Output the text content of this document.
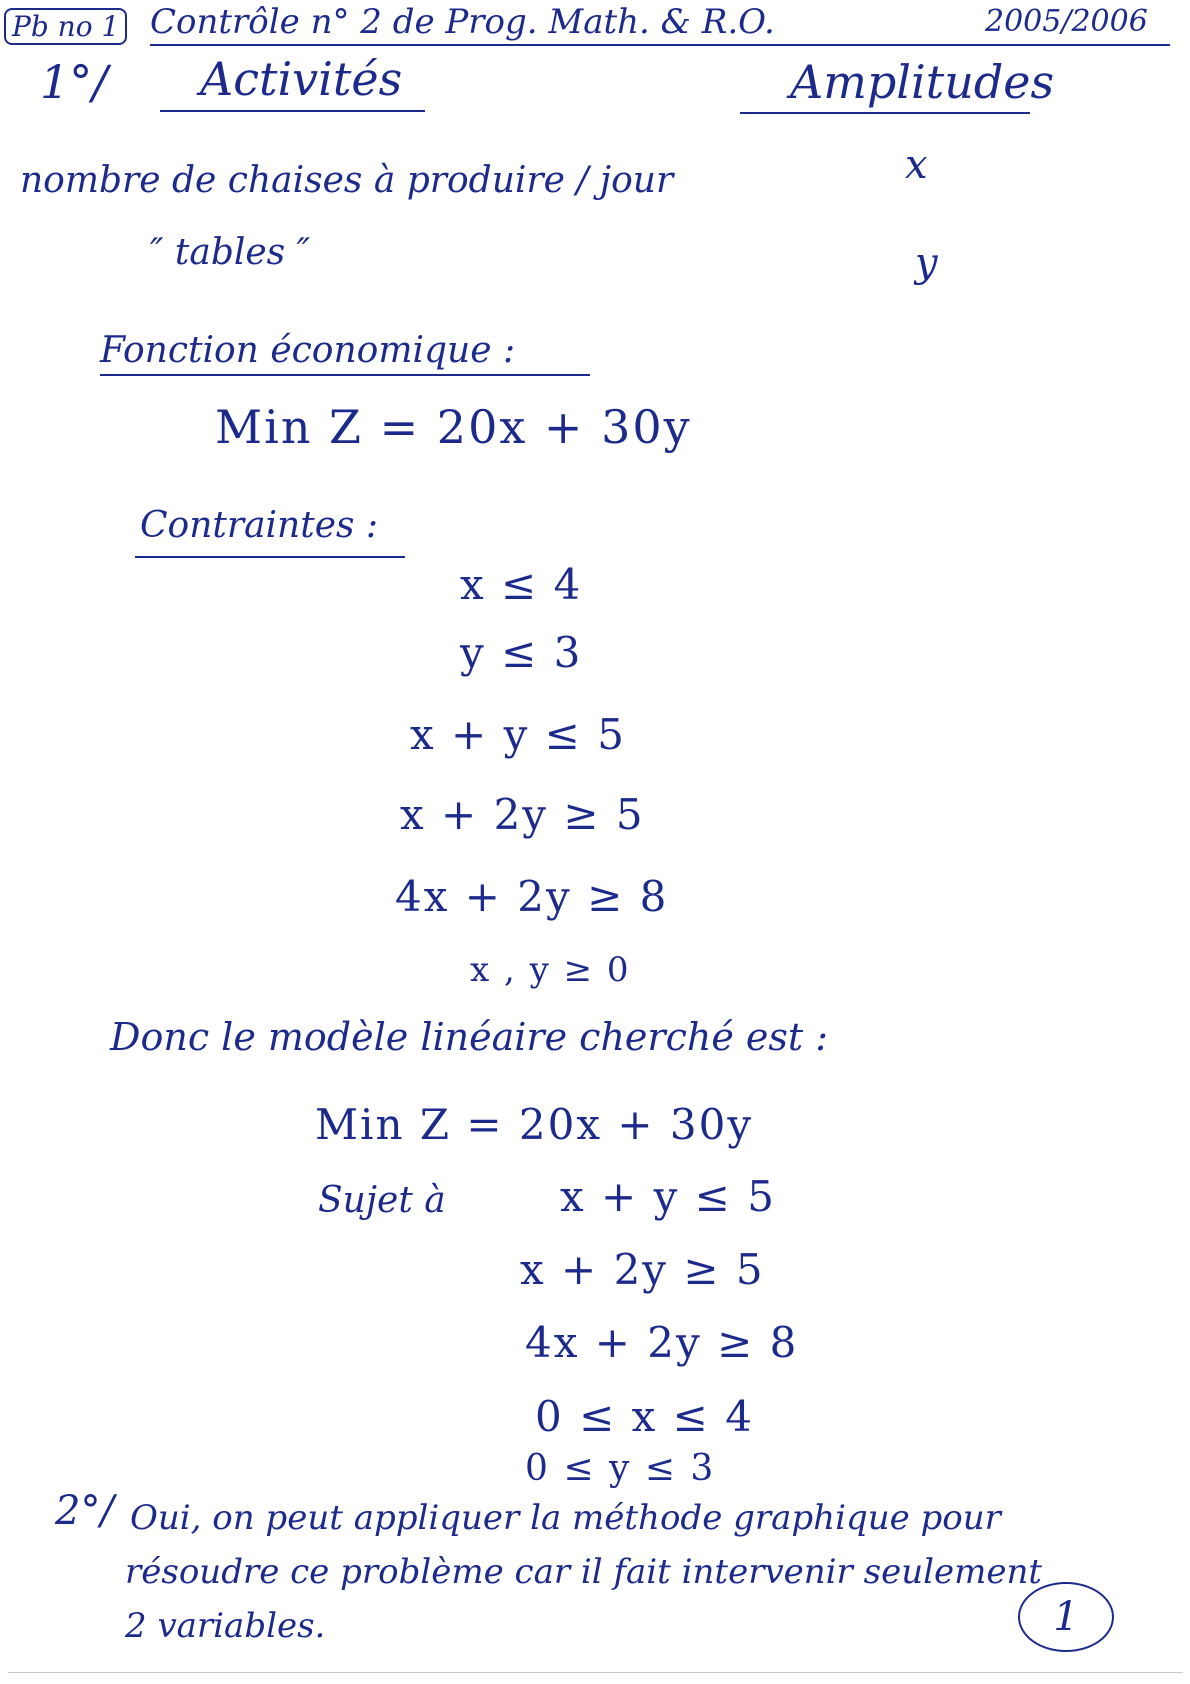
Pb no 1 Contrôle n° 2 de Prog. Math. & R.O.	2005/2006
1°/ Activités	Amplitudes
nombre de chaises à produire / jour	x
″ tables ″	y
Fonction économique :
Min Z = 20x + 30y
Contraintes :
x ≤ 4
y ≤ 3
x + y ≤ 5
x + 2y ≥ 5
4x + 2y ≥ 8
x , y ≥ 0
Donc le modèle linéaire cherché est :
Min Z = 20x + 30y
Sujet à	x + y ≤ 5
x + 2y ≥ 5
4x + 2y ≥ 8
0 ≤ x ≤ 4
0 ≤ y ≤ 3
2°/ Oui, on peut appliquer la méthode graphique pour
résoudre ce problème car il fait intervenir seulement
2 variables.	1
